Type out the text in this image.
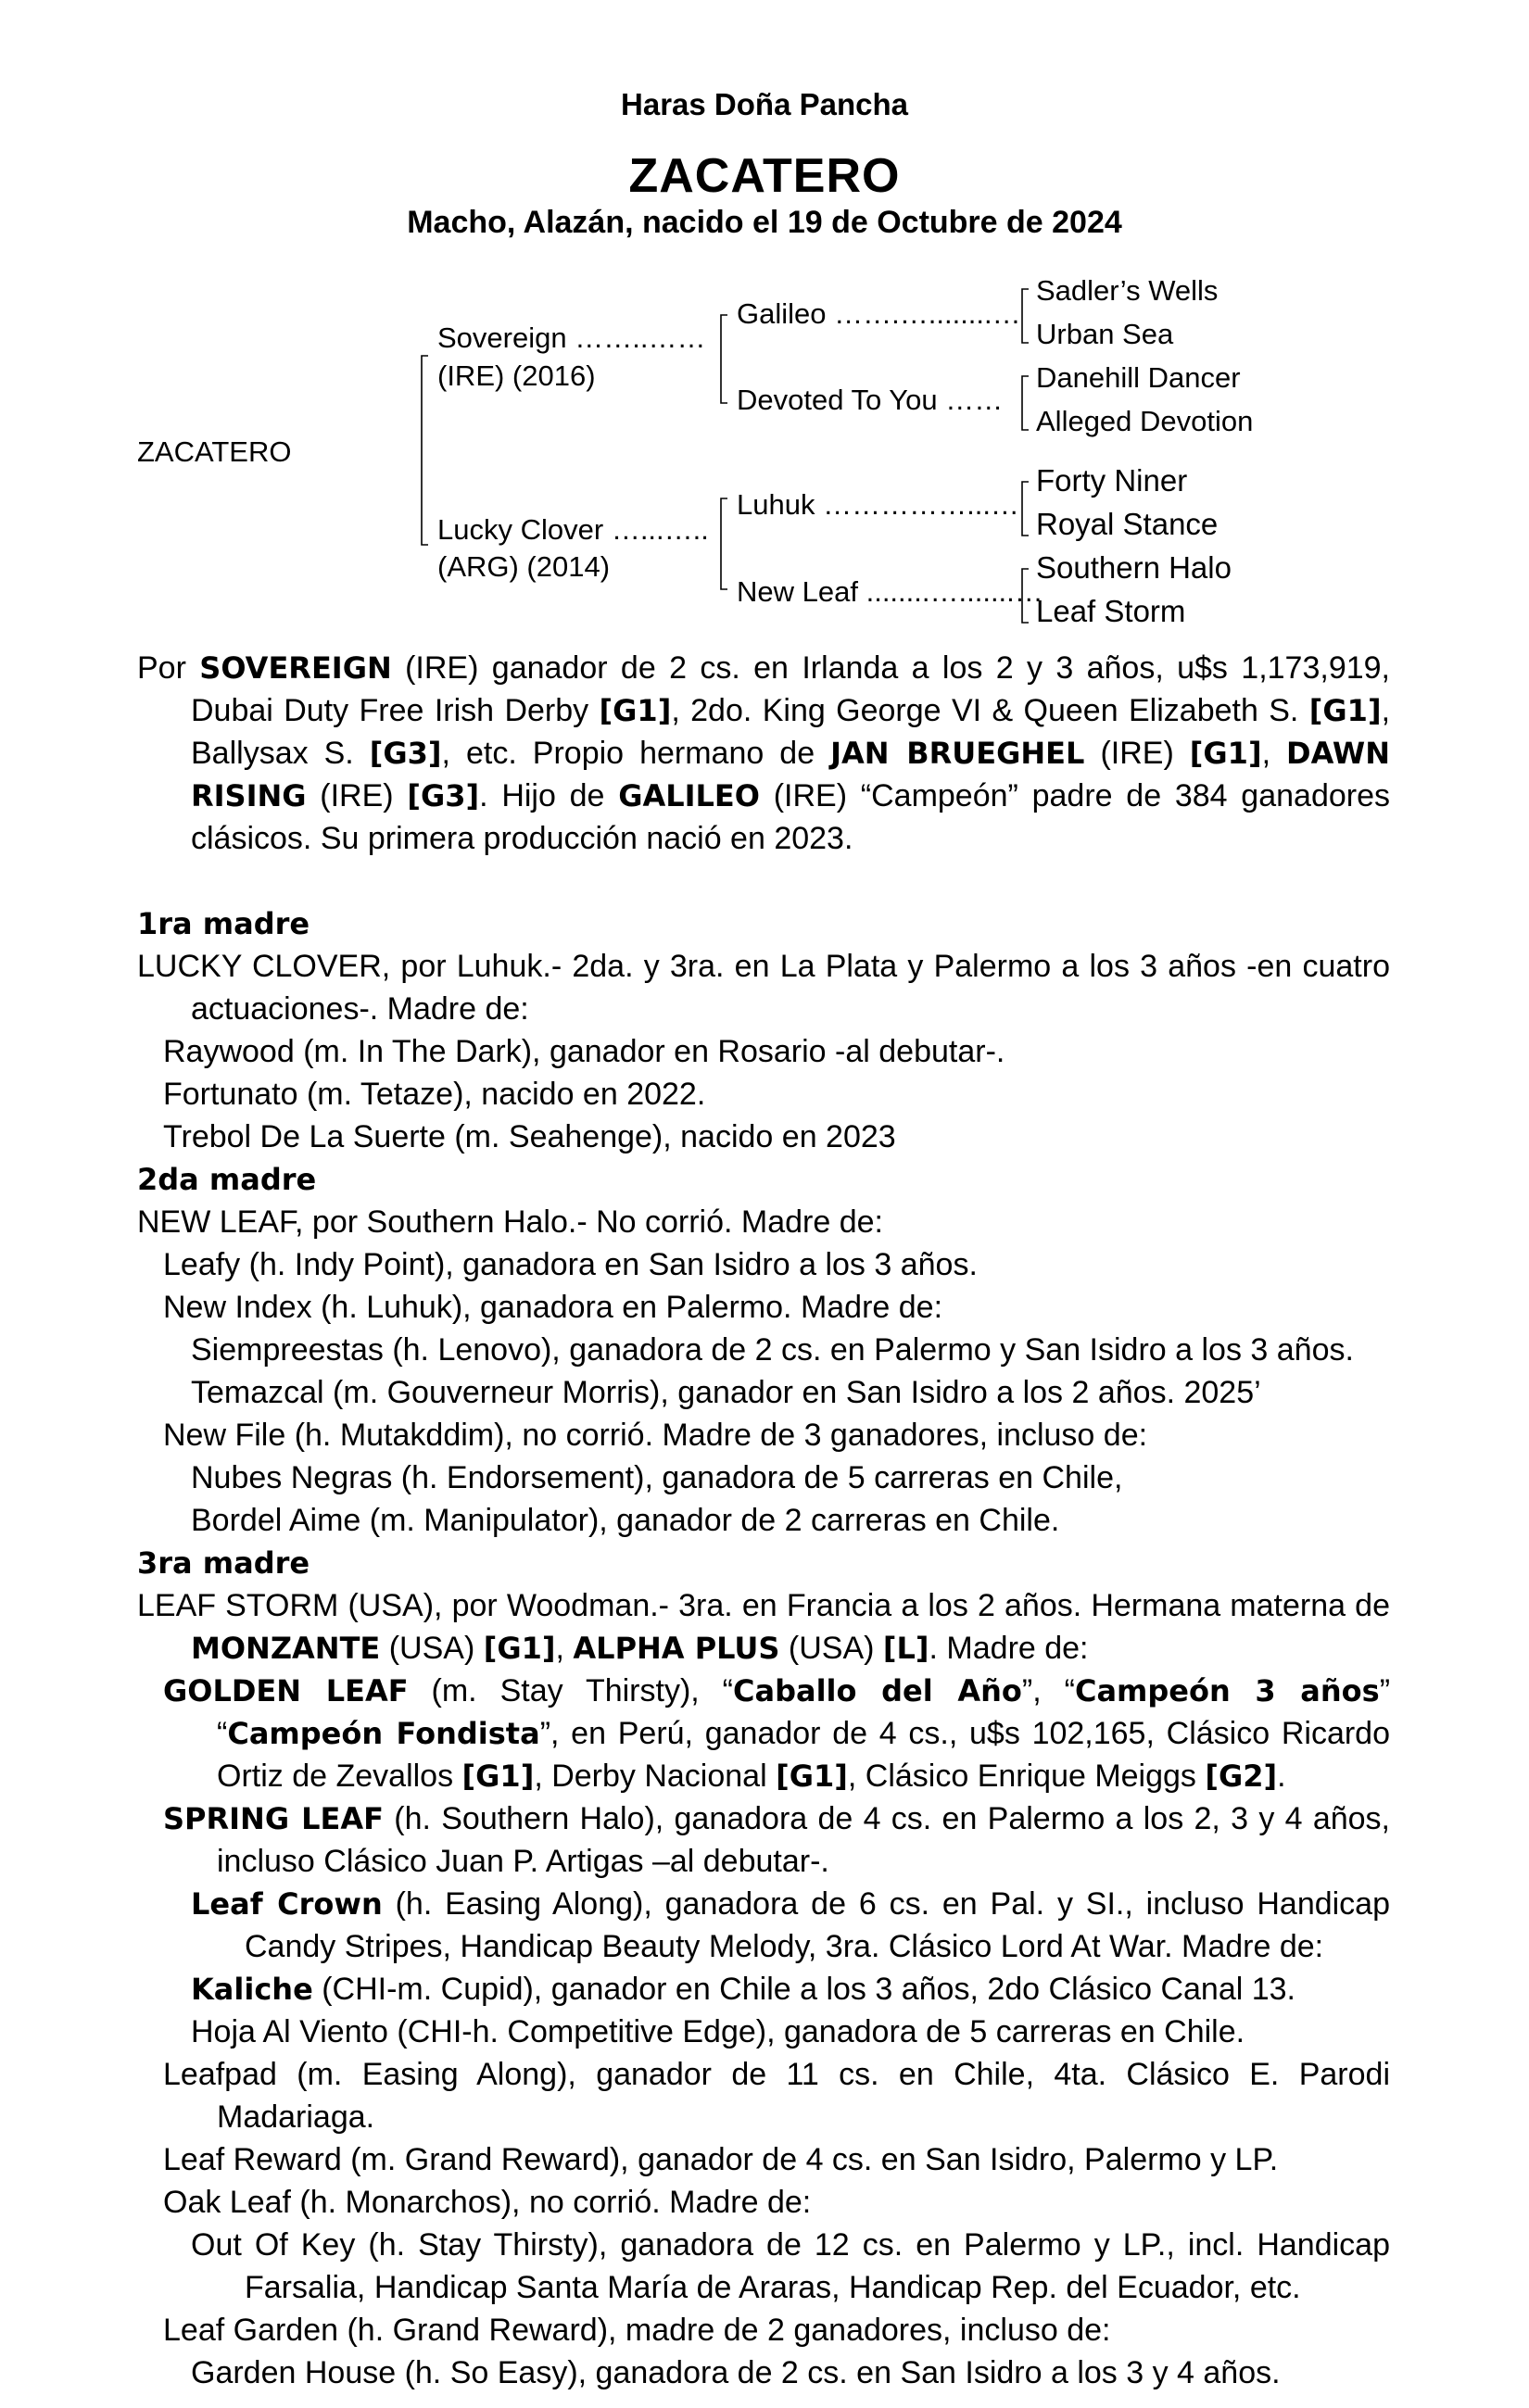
Haras Doña Pancha
ZACATERO
Macho, Alazán, nacido el 19 de Octubre de 2024
ZACATERO
Sovereign ……..……
(IRE) (2016)
Lucky Clover …...…..
(ARG) (2014)
Galileo …….…........…
Devoted To You ……
Luhuk ……………...…
New Leaf ........….......…
Sadler’s Wells
Urban Sea
Danehill Dancer
Alleged Devotion
Forty Niner
Royal Stance
Southern Halo
Leaf Storm

Por SOVEREIGN (IRE) ganador de 2 cs. en Irlanda a los 2 y 3 años, u$s 1,173,919, Dubai Duty Free Irish Derby [G1], 2do. King George VI & Queen Elizabeth S. [G1], Ballysax S. [G3], etc. Propio hermano de JAN BRUEGHEL (IRE) [G1], DAWN RISING (IRE) [G3]. Hijo de GALILEO (IRE) “Campeón” padre de 384 ganadores clásicos. Su primera producción nació en 2023.

1ra madre

LUCKY CLOVER, por Luhuk.- 2da. y 3ra. en La Plata y Palermo a los 3 años -en cuatro actuaciones-. Madre de:

Raywood (m. In The Dark), ganador en Rosario -al debutar-.

Fortunato (m. Tetaze), nacido en 2022.

Trebol De La Suerte (m. Seahenge), nacido en 2023

2da madre

NEW LEAF, por Southern Halo.- No corrió. Madre de:

Leafy (h. Indy Point), ganadora en San Isidro a los 3 años.

New Index (h. Luhuk), ganadora en Palermo. Madre de:

Siempreestas (h. Lenovo), ganadora de 2 cs. en Palermo y San Isidro a los 3 años.

Temazcal (m. Gouverneur Morris), ganador en San Isidro a los 2 años. 2025’

New File (h. Mutakddim), no corrió. Madre de 3 ganadores, incluso de:

Nubes Negras (h. Endorsement), ganadora de 5 carreras en Chile,

Bordel Aime (m. Manipulator), ganador de 2 carreras en Chile.

3ra madre

LEAF STORM (USA), por Woodman.- 3ra. en Francia a los 2 años. Hermana materna de MONZANTE (USA) [G1], ALPHA PLUS (USA) [L]. Madre de:

GOLDEN LEAF (m. Stay Thirsty), “Caballo del Año”, “Campeón 3 años” “Campeón Fondista”, en Perú, ganador de 4 cs., u$s 102,165, Clásico Ricardo Ortiz de Zevallos [G1], Derby Nacional [G1], Clásico Enrique Meiggs [G2].

SPRING LEAF (h. Southern Halo), ganadora de 4 cs. en Palermo a los 2, 3 y 4 años, incluso Clásico Juan P. Artigas –al debutar-.

Leaf Crown (h. Easing Along), ganadora de 6 cs. en Pal. y SI., incluso Handicap Candy Stripes, Handicap Beauty Melody, 3ra. Clásico Lord At War. Madre de:

Kaliche (CHI-m. Cupid), ganador en Chile a los 3 años, 2do Clásico Canal 13.

Hoja Al Viento (CHI-h. Competitive Edge), ganadora de 5 carreras en Chile.

Leafpad (m. Easing Along), ganador de 11 cs. en Chile, 4ta. Clásico E. Parodi Madariaga.

Leaf Reward (m. Grand Reward), ganador de 4 cs. en San Isidro, Palermo y LP.

Oak Leaf (h. Monarchos), no corrió. Madre de:

Out Of Key (h. Stay Thirsty), ganadora de 12 cs. en Palermo y LP., incl. Handicap Farsalia, Handicap Santa María de Araras, Handicap Rep. del Ecuador, etc.

Leaf Garden (h. Grand Reward), madre de 2 ganadores, incluso de:

Garden House (h. So Easy), ganadora de 2 cs. en San Isidro a los 3 y 4 años.
